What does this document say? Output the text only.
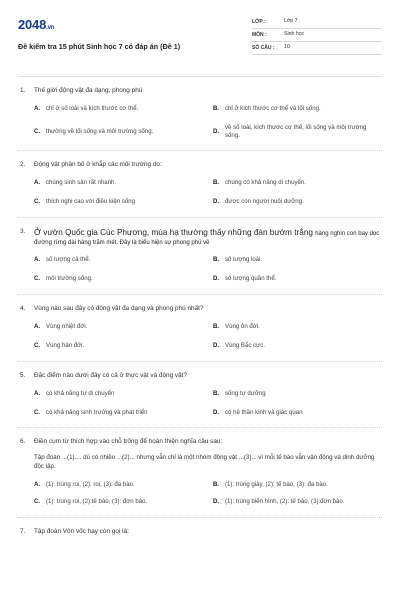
2048.vn
Đề kiểm tra 15 phút Sinh học 7 có đáp án (Đề 1)
LỚP :	Lớp 7
MÔN :	Sinh học
SỐ CÂU :	10
1.	Thế giới động vật đa dạng, phong phú
A. chỉ ở số loài và kích thước cơ thể.	B. chỉ ở kích thước cơ thể và lối sống.
C. thường về lối sống và môi trường sống.	D.
về số loài, kích thước cơ thể, lối sống và môi trường sống.
2.	Động vật phân bố ở khắp các môi trường do:
A. chúng sinh sản rất nhanh.	B. chúng có khả năng di chuyển.
C. thích nghi cao với điều kiện sống	D. được con người nuôi dưỡng.
3.	Ở vườn Quốc gia Cúc Phương, mùa hạ thường thấy những đàn bướm trắng hàng nghìn con bay dọc đường rừng dài hàng trăm mét. Đây là biểu hiện sự phong phú về
A. số lượng cá thể.	B. số lượng loài.
C. môi trường sống.	D. số lượng quần thể.
4.	Vùng nào sau đây có động vật đa dạng và phong phú nhất?
A. Vùng nhiệt đới.	B. Vùng ôn đới.
C. Vùng hàn đới.	D. Vùng Bắc cực.
5.	Đặc điểm nào dưới đây có cả ở thực vật và động vật?
A. có khả năng tự di chuyển	B. sống tự dưỡng
C. có khả năng sinh trưởng và phát triển	D. có hệ thần kinh và giác quan
6.	Điền cụm từ thích hợp vào chỗ trống để hoàn thiện nghĩa câu sau:
Tập đoàn ...(1).... dù có nhiều ...(2)... nhưng vẫn chỉ là một nhóm động vật ...(3)... vì mỗi tế bào vẫn vận động và dinh dưỡng độc lập.
A. (1): trùng roi, (2): roi, (3): đa bào.	B. (1): trùng giày, (2): tế bào, (3): đa bào.
C. (1): trùng roi, (2):tế bào, (3): đơn bào.	D. (1): trùng biến hình, (2): tế bào, (3):đơn bào.
7.	Tập đoàn Vôn vốc hay còn gọi là:
